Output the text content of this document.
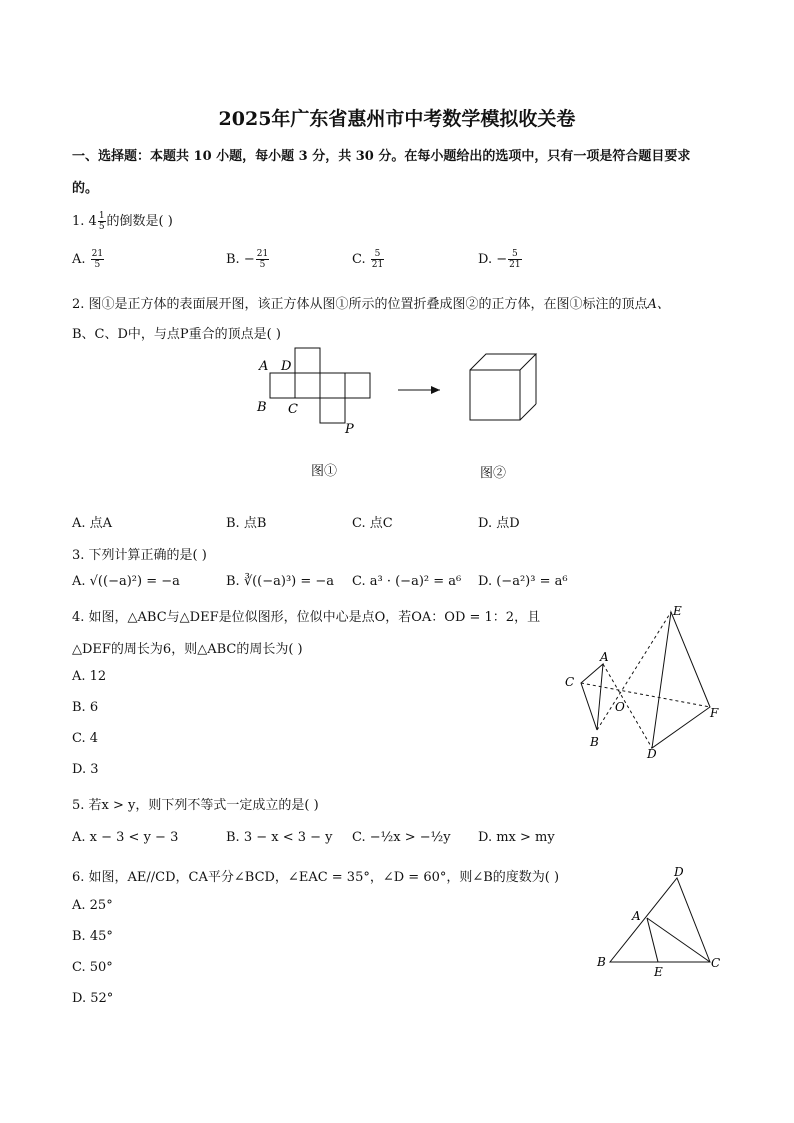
2025年广东省惠州市中考数学模拟收关卷
一、选择题：本题共 10 小题，每小题 3 分，共 30 分。在每小题给出的选项中，只有一项是符合题目要求
的。
1. $4 \frac{1}{5}$ 的倒数是( )
A. $\frac{21}{5}$	B. − $\frac{21}{5}$	C. $\frac{5}{21}$	D. − $\frac{5}{21}$
2. 图①是正方体的表面展开图，该正方体从图①所示的位置折叠成图②的正方体，在图①标注的顶点A、
B、C、D中，与点P重合的顶点是( )
A D
B C
P
图①	图②
A. 点A	B. 点B	C. 点C	D. 点D
3. 下列计算正确的是( )
A. √((−a)²) = −a	B. ∛((−a)³) = −a C. a³ · (−a)² = a⁶ D. (−a²)³ = a⁶
4. 如图，△ABC与△DEF是位似图形，位似中心是点O，若OA：OD = 1：2，且
△DEF的周长为6，则△ABC的周长为( )
A. 12
B. 6
C. 4
D. 3
A
C
B
O
E
F
D
5. 若x > y，则下列不等式一定成立的是( )
A. x − 3 < y − 3	B. 3 − x < 3 − y C. −½x > −½y D. mx > my
6. 如图，AE//CD，CA平分∠BCD，∠EAC = 35°，∠D = 60°，则∠B的度数为( )
A. 25°
B. 45°
C. 50°
D. 52°
D
A
B
E
C
